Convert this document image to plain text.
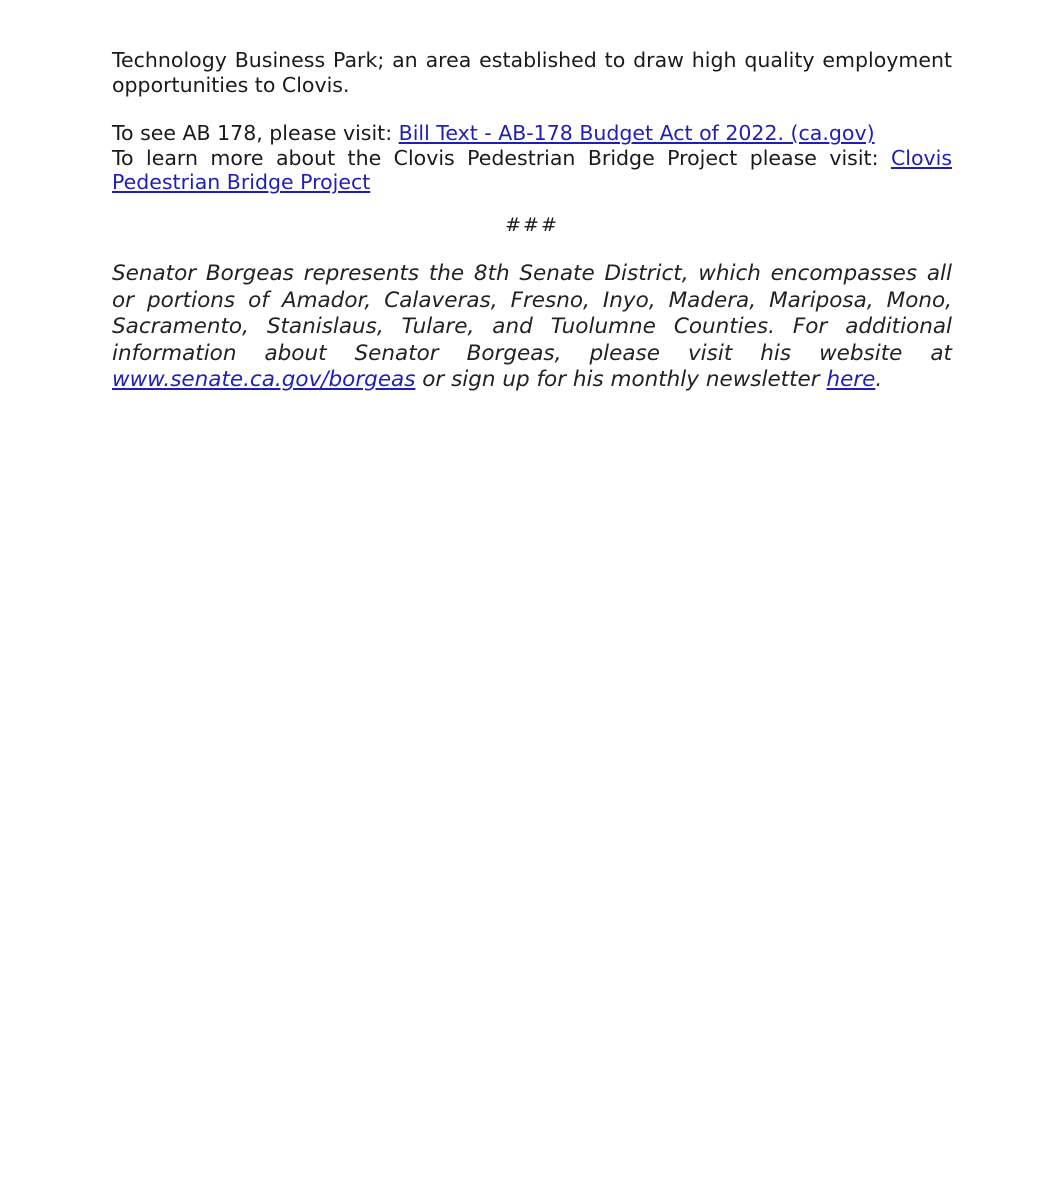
Technology Business Park; an area established to draw high quality employment opportunities to Clovis.

To see AB 178, please visit: Bill Text - AB-178 Budget Act of 2022. (ca.gov)

To learn more about the Clovis Pedestrian Bridge Project please visit: Clovis Pedestrian Bridge Project

###

Senator Borgeas represents the 8th Senate District, which encompasses all or portions of Amador, Calaveras, Fresno, Inyo, Madera, Mariposa, Mono, Sacramento, Stanislaus, Tulare, and Tuolumne Counties. For additional information about Senator Borgeas, please visit his website at www.senate.ca.gov/borgeas or sign up for his monthly newsletter here.
